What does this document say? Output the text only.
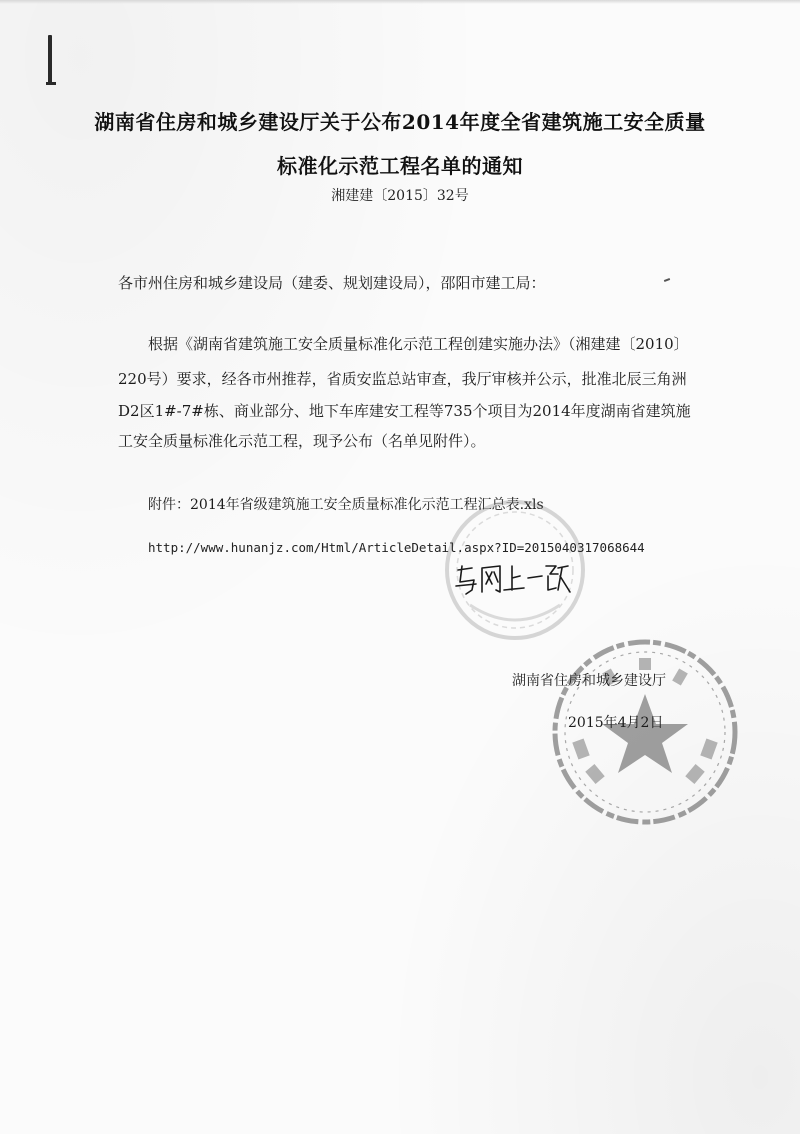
湖南省住房和城乡建设厅关于公布2014年度全省建筑施工安全质量
标准化示范工程名单的通知
湘建建〔2015〕32号
各市州住房和城乡建设局（建委、规划建设局），邵阳市建工局：
根据《湖南省建筑施工安全质量标准化示范工程创建实施办法》（湘建建〔2010〕
220号）要求，经各市州推荐，省质安监总站审查，我厅审核并公示，批准北辰三角洲
D2区1#-7#栋、商业部分、地下车库建安工程等735个项目为2014年度湖南省建筑施
工安全质量标准化示范工程，现予公布（名单见附件）。
附件：2014年省级建筑施工安全质量标准化示范工程汇总表.xls
http://www.hunanjz.com/Html/ArticleDetail.aspx?ID=2015040317068644
湖南省住房和城乡建设厅
2015年4月2日
